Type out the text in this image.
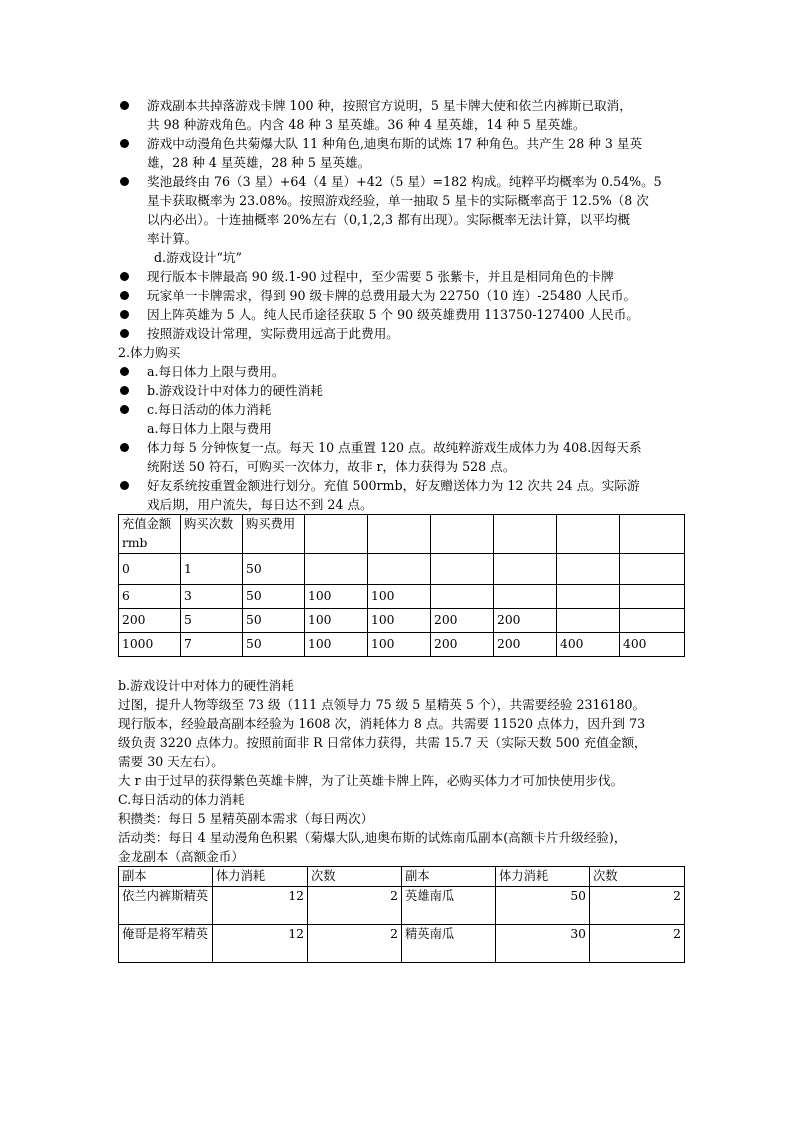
游戏副本共掉落游戏卡牌 100 种，按照官方说明，5 星卡牌大使和依兰内裤斯已取消，
共 98 种游戏角色。内含 48 种 3 星英雄。36 种 4 星英雄，14 种 5 星英雄。
游戏中动漫角色共菊爆大队 11 种角色,迪奥布斯的试炼 17 种角色。共产生 28 种 3 星英
雄，28 种 4 星英雄，28 种 5 星英雄。
奖池最终由 76（3 星）+64（4 星）+42（5 星）=182 构成。纯粹平均概率为 0.54%。5
星卡获取概率为 23.08%。按照游戏经验，单一抽取 5 星卡的实际概率高于 12.5%（8 次
以内必出）。十连抽概率 20%左右（0,1,2,3 都有出现）。实际概率无法计算，以平均概
率计算。
d.游戏设计“坑”
现行版本卡牌最高 90 级.1-90 过程中，至少需要 5 张紫卡，并且是相同角色的卡牌
玩家单一卡牌需求，得到 90 级卡牌的总费用最大为 22750（10 连）-25480 人民币。
因上阵英雄为 5 人。纯人民币途径获取 5 个 90 级英雄费用 113750-127400 人民币。
按照游戏设计常理，实际费用远高于此费用。
2.体力购买
a.每日体力上限与费用。
b.游戏设计中对体力的硬性消耗
c.每日活动的体力消耗
a.每日体力上限与费用
体力每 5 分钟恢复一点。每天 10 点重置 120 点。故纯粹游戏生成体力为 408.因每天系
统附送 50 符石，可购买一次体力，故非 r，体力获得为 528 点。
好友系统按重置金额进行划分。充值 500rmb，好友赠送体力为 12 次共 24 点。实际游
戏后期，用户流失，每日达不到 24 点。
充值金额 rmb	购买次数	购买费用						
0	1	50						
6	3	50	100	100				
200	5	50	100	100	200	200		
1000	7	50	100	100	200	200	400	400
b.游戏设计中对体力的硬性消耗
过图，提升人物等级至 73 级（111 点领导力 75 级 5 星精英 5 个），共需要经验 2316180。
现行版本，经验最高副本经验为 1608 次，消耗体力 8 点。共需要 11520 点体力，因升到 73
级负责 3220 点体力。按照前面非 R 日常体力获得，共需 15.7 天（实际天数 500 充值金额，
需要 30 天左右）。
大 r 由于过早的获得紫色英雄卡牌，为了让英雄卡牌上阵，必购买体力才可加快使用步伐。
C.每日活动的体力消耗
积攒类：每日 5 星精英副本需求（每日两次）
活动类：每日 4 星动漫角色积累（菊爆大队,迪奥布斯的试炼南瓜副本(高额卡片升级经验)，
金龙副本（高额金币）
副本	体力消耗	次数	副本	体力消耗	次数
依兰内裤斯精英	12	2	英雄南瓜	50	2
俺哥是将军精英	12	2	精英南瓜	30	2
